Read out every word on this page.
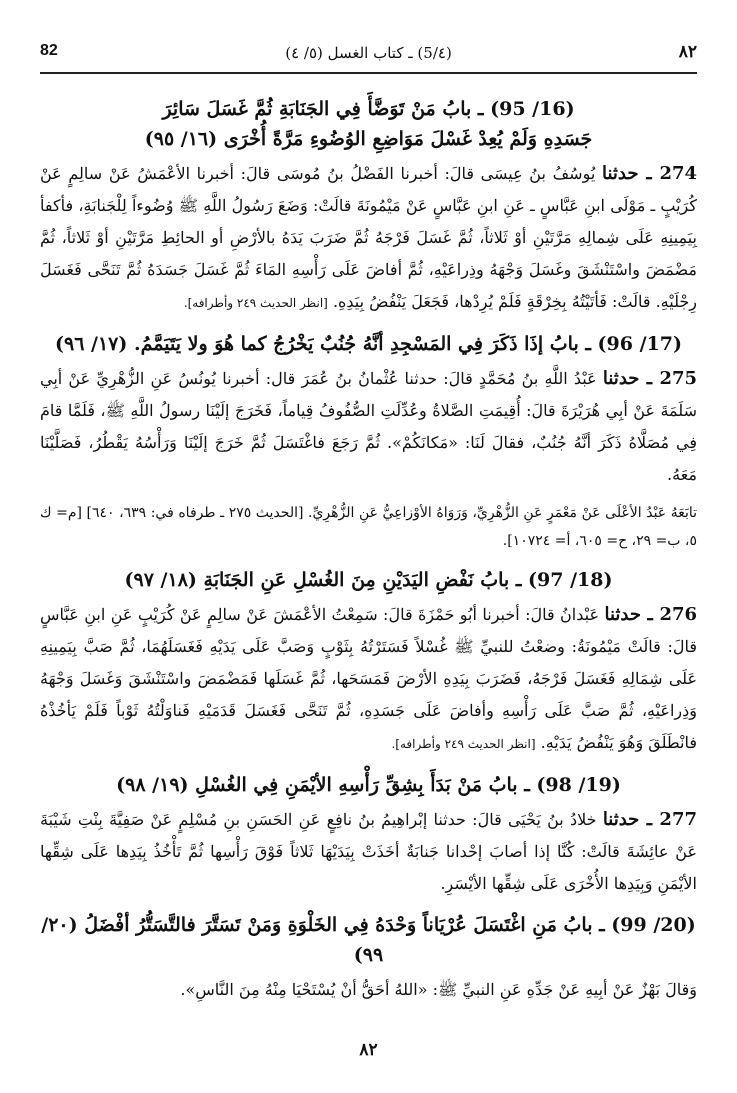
٨٢
(٤/5) ـ كتاب الغسل (٥/ ٤)
82
(16/ 95) ـ بابُ مَنْ تَوَضَّأَ فِي الجَنَابَةِ ثُمَّ غَسَلَ سَائِرَ
جَسَدِهِ وَلَمْ يُعِدْ غَسْلَ مَوَاضِعِ الوُضُوءِ مَرَّةً أُخْرَى (١٦/ ٩٥)

274 ـ حدثنا يُوسُفُ بنُ عِيسَى قالَ: أخبرنا الفَضْلُ بنُ مُوسَى قالَ: أخبرنا الأعْمَشُ عَنْ سالِمٍ عَنْ كُرَيْبٍ ـ مَوْلَى ابنِ عَبَّاسٍ ـ عَنِ ابنِ عَبَّاسٍ عَنْ مَيْمُونَةَ قالَتْ: وَضَعَ رَسُولُ اللَّهِ ﷺ وُضُوءاً لِلْجَنابَةِ، فأكفأ بِيَمِينِهِ عَلَى شِمالِهِ مَرَّتَيْنِ أوْ ثَلاثاً، ثُمَّ غَسَلَ فَرْجَهُ ثُمَّ ضَرَبَ يَدَهُ بالأرْضِ أو الحائِطِ مَرَّتَيْنِ أوْ ثَلاثاً، ثُمَّ مَضْمَضَ واسْتَنْشَقَ وغَسَلَ وَجْهَهُ وذِراعَيْهِ، ثُمَّ أفاضَ عَلَى رَأْسِهِ المَاءَ ثُمَّ غَسَلَ جَسَدَهُ ثُمَّ تَنَحَّى فَغَسَلَ رِجْلَيْهِ. قالَتْ: فَأتَيْتُهُ بِخِرْقَةٍ فَلَمْ يُرِدْها، فَجَعَلَ يَنْفُضُ بِيَدِهِ. [انظر الحديث ٢٤٩ وأطرافه].

(17/ 96) ـ بابُ إذَا ذَكَرَ فِي المَسْجِدِ أنَّهُ جُنُبٌ يَخْرُجُ كما هُوَ ولا يَتَيَمَّمُ. (١٧/ ٩٦)

275 ـ حدثنا عَبْدُ اللَّهِ بنُ مُحَمَّدٍ قالَ: حدثنا عُثْمانُ بنُ عُمَرَ قال: أخبرنا يُونُسُ عَنِ الزُّهْرِيِّ عَنْ أبِي سَلَمَةَ عَنْ أبِي هُرَيْرَةَ قالَ: أُقِيمَتِ الصَّلاةُ وعُدِّلَتِ الصُّفُوفُ قِياماً، فَخَرَجَ إلَيْنَا رسولُ اللَّهِ ﷺ، فَلَمَّا قامَ فِي مُصَلَّاهُ ذَكَرَ أنَّهُ جُنُبٌ، فقالَ لَنَا: «مَكانَكُمْ». ثُمَّ رَجَعَ فاغْتَسَلَ ثُمَّ خَرَجَ إلَيْنَا وَرَأْسُهُ يَقْطُرُ، فَصَلَّيْنَا مَعَهُ.

تابَعَهُ عَبْدُ الأعْلَى عَنْ مَعْمَرٍ عَنِ الزُّهْرِيِّ، وَرَوَاهُ الأوْزاعِيُّ عَنِ الزُّهْرِيِّ. [الحديث ٢٧٥ ـ طرفاه في: ٦٣٩، ٦٤٠] [م= ك ٥، ب= ٢٩، ح= ٦٠٥، أ= ١٠٧٢٤].

(18/ 97) ـ بابُ نَفْضِ اليَدَيْنِ مِنَ الغُسْلِ عَنِ الجَنَابَةِ (١٨/ ٩٧)

276 ـ حدثنا عَبْدانُ قالَ: أخبرنا أبُو حَمْزَةَ قالَ: سَمِعْتُ الأعْمَشَ عَنْ سالِمٍ عَنْ كُرَيْبٍ عَنِ ابنِ عَبَّاسٍ قالَ: قالَتْ مَيْمُونَةُ: وضعْتُ للنبيِّ ﷺ غُسْلاً فَسَتَرْتُهُ بِثَوْبٍ وَصَبَّ عَلَى يَدَيْهِ فَغَسَلَهُمَا، ثُمَّ صَبَّ بِيَمِينِهِ عَلَى شِمَالِهِ فَغَسَلَ فَرْجَهُ، فَضَرَبَ بِيَدِهِ الأرْضَ فَمَسَحَها، ثُمَّ غَسَلَها فَمَضْمَضَ واسْتَنْشَقَ وَغَسَلَ وَجْهَهُ وَذِراعَيْهِ، ثُمَّ صَبَّ عَلَى رَأْسِهِ وأفاضَ عَلَى جَسَدِهِ، ثُمَّ تَنَحَّى فَغَسَلَ قَدَمَيْهِ فَناوَلْتُهُ ثَوْباً فَلَمْ يَأخُذْهُ فانْطَلَقَ وَهُوَ يَنْفُضُ يَدَيْهِ. [انظر الحديث ٢٤٩ وأطرافه].

(19/ 98) ـ بابُ مَنْ بَدَأَ بِشِقِّ رَأْسِهِ الأيْمَنِ فِي الغُسْلِ (١٩/ ٩٨)

277 ـ حدثنا خلادُ بنُ يَحْيَى قالَ: حدثنا إبْراهِيمُ بنُ نافِعٍ عَنِ الحَسَنِ بنِ مُسْلِمٍ عَنْ صَفِيَّةَ بِنْتِ شَيْبَةَ عَنْ عائِشَةَ قالَتْ: كُنَّا إذا أصابَ إحْدانا جَنابَةٌ أخَذَتْ بِيَدَيْهَا ثَلاثاً فَوْقَ رَأْسِها ثُمَّ تَأْخُذُ بِيَدِها عَلَى شِقِّها الأيْمَنِ وَبِيَدِها الأُخْرَى عَلَى شِقِّها الأيْسَرِ.

(20/ 99) ـ بابُ مَنِ اغْتَسَلَ عُرْيَاناً وَحْدَهُ فِي الخَلْوَةِ وَمَنْ تَسَتَّرَ فالتَّسَتُّرُ أفْضَلُ (٢٠/ ٩٩)

وَقالَ بَهْزٌ عَنْ أبِيهِ عَنْ جَدِّهِ عَنِ النبيِّ ﷺ: «اللهُ أحَقُّ أنْ يُسْتَحْيَا مِنْهُ مِنَ النَّاسِ».

٨٢
